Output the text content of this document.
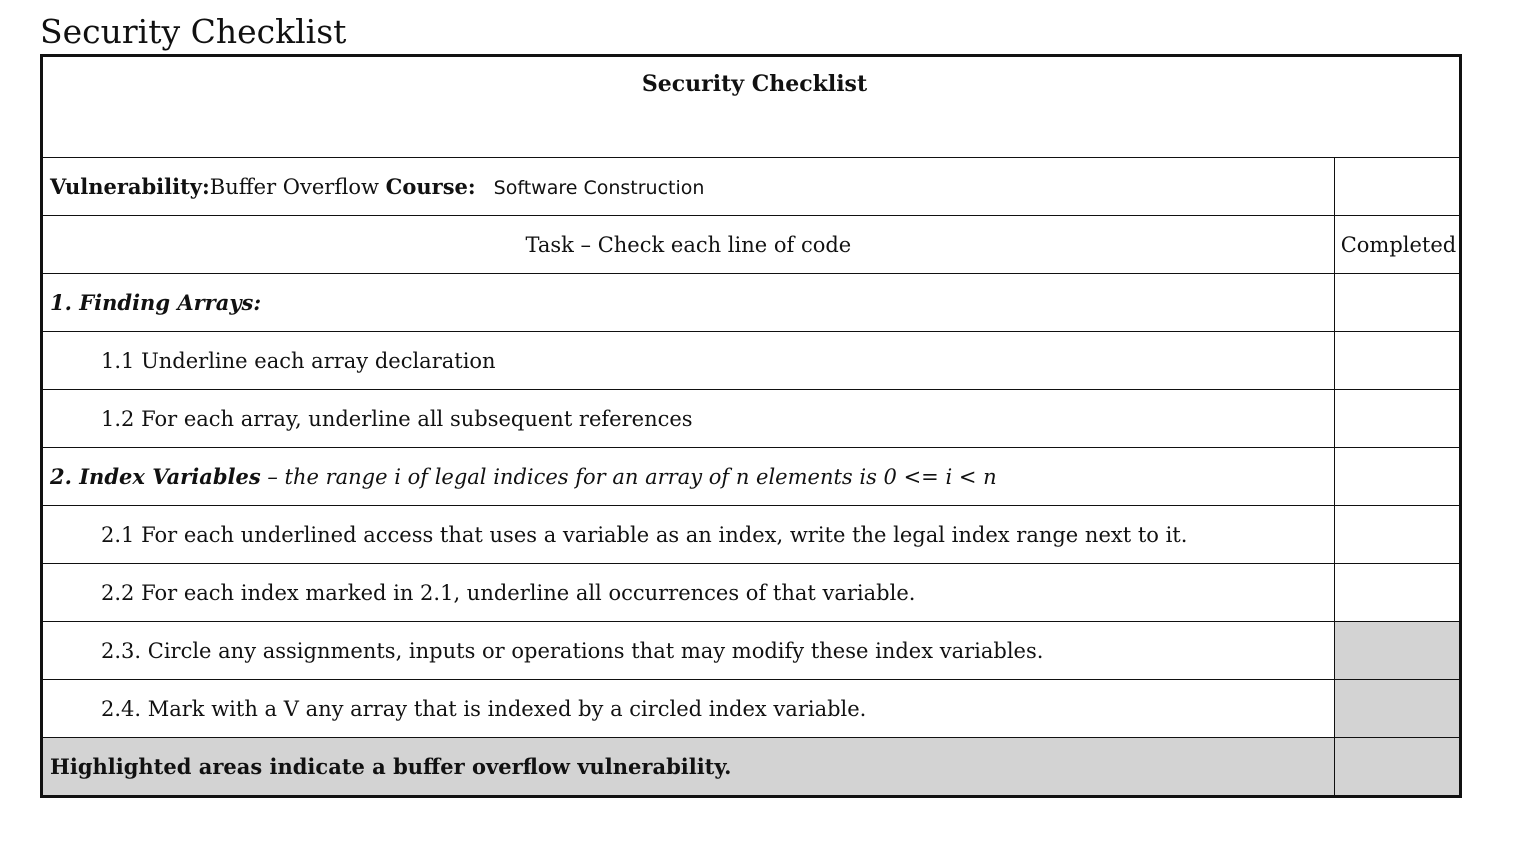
Security Checklist
Security Checklist	
Vulnerability:Buffer Overflow Course: Software Construction	
Task – Check each line of code	Completed
1. Finding Arrays:	
1.1 Underline each array declaration	
1.2 For each array, underline all subsequent references	
2. Index Variables – the range i of legal indices for an array of n elements is 0 <= i < n	
2.1 For each underlined access that uses a variable as an index, write the legal index range next to it.	
2.2 For each index marked in 2.1, underline all occurrences of that variable.	
2.3. Circle any assignments, inputs or operations that may modify these index variables.	
2.4. Mark with a V any array that is indexed by a circled index variable.	
Highlighted areas indicate a buffer overflow vulnerability.	
